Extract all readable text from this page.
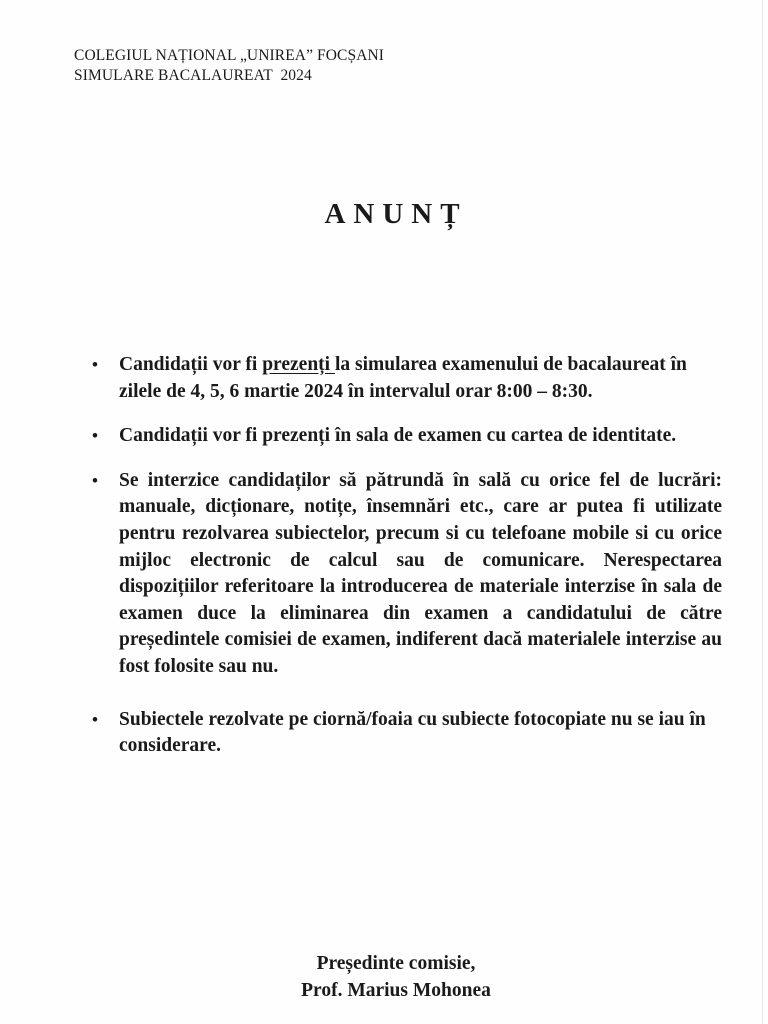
COLEGIUL NAȚIONAL „UNIREA” FOCȘANI
SIMULARE BACALAUREAT  2024
ANUNȚ
• Candidații vor fi prezenți la simularea examenului de bacalaureat în zilele de 4, 5, 6 martie 2024 în intervalul orar 8:00 – 8:30.
• Candidații vor fi prezenți în sala de examen cu cartea de identitate.
• Se interzice candidaților să pătrundă în sală cu orice fel de lucrări: manuale, dicționare, notițe, însemnări etc., care ar putea fi utilizate pentru rezolvarea subiectelor, precum si cu telefoane mobile si cu orice mijloc electronic de calcul sau de comunicare. Nerespectarea dispozițiilor referitoare la introducerea de materiale interzise în sala de examen duce la eliminarea din examen a candidatului de către președintele comisiei de examen, indiferent dacă materialele interzise au fost folosite sau nu.
• Subiectele rezolvate pe ciornă/foaia cu subiecte fotocopiate nu se iau în considerare.
Președinte comisie,
Prof. Marius Mohonea
